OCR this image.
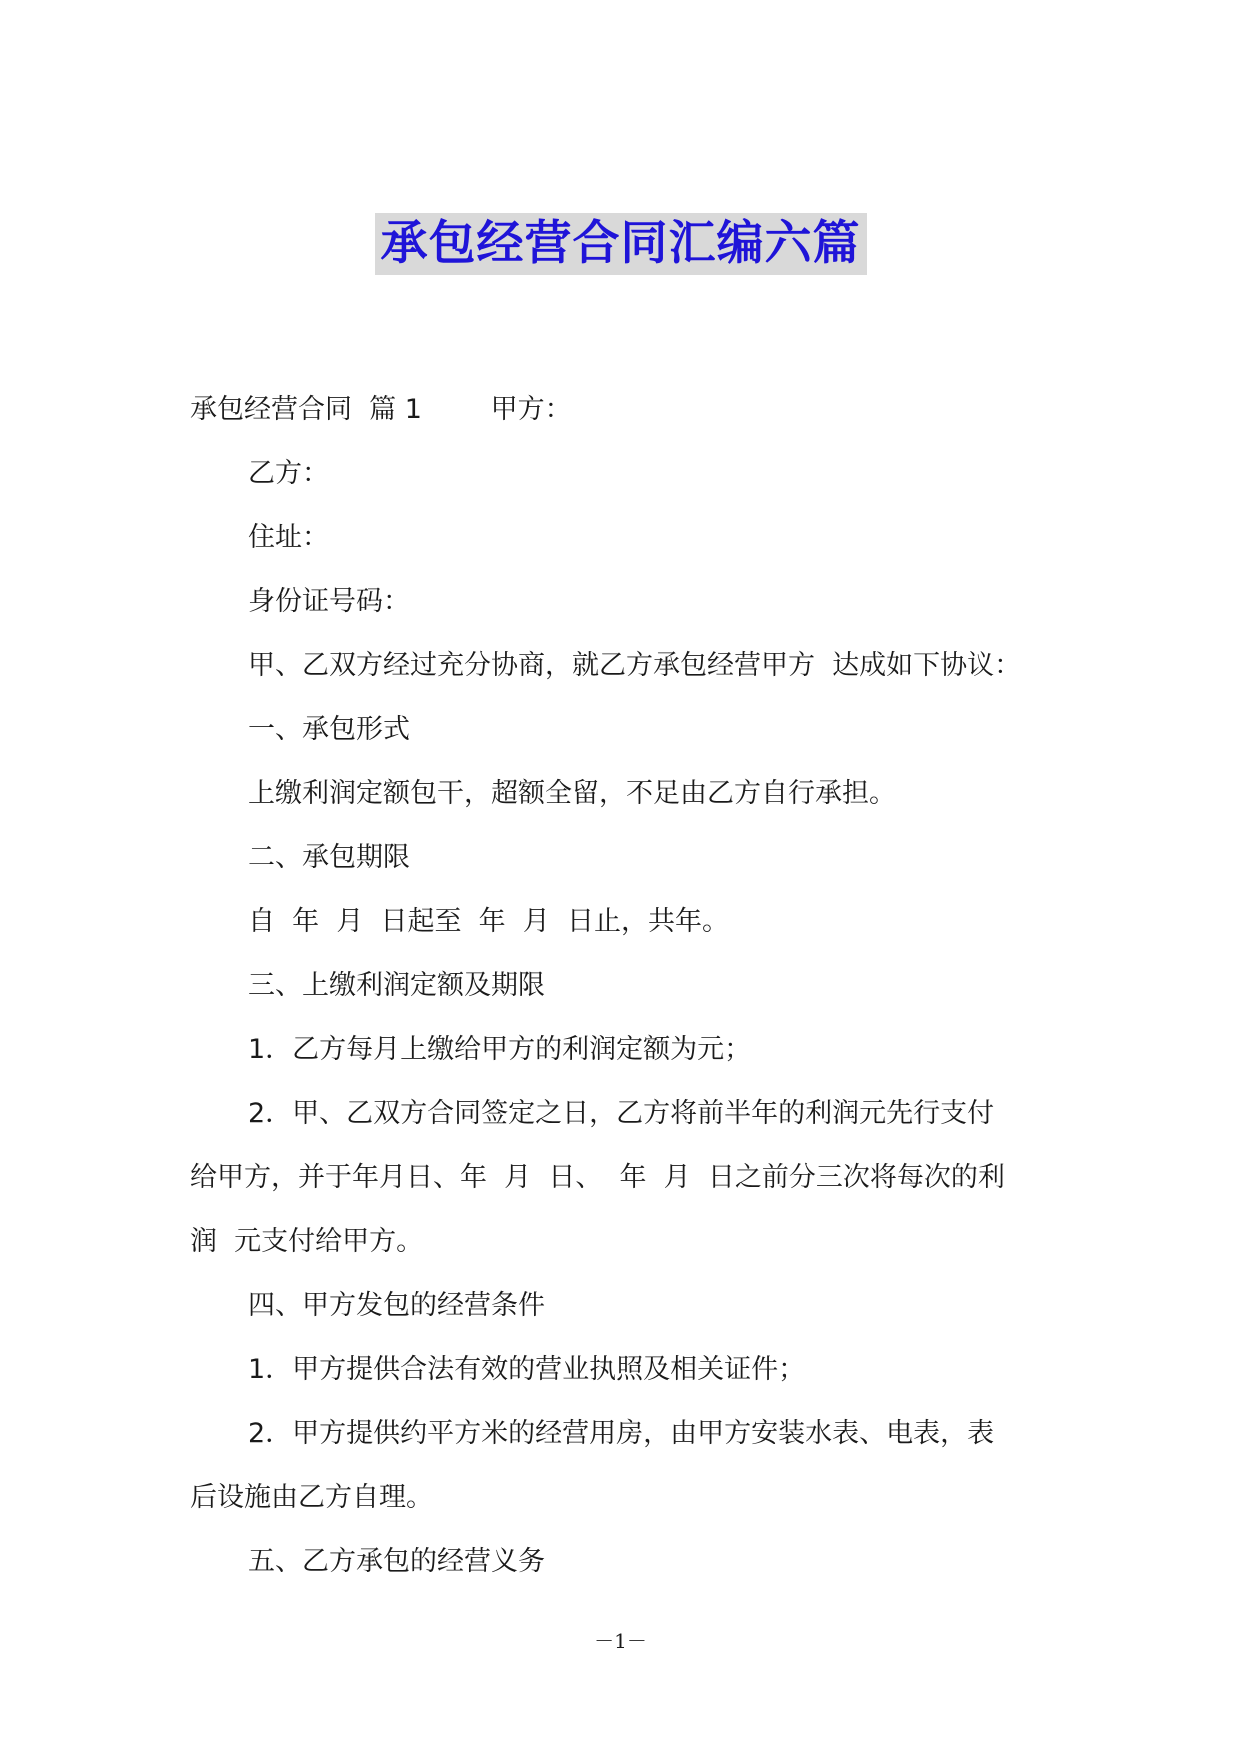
承包经营合同汇编六篇
承包经营合同  篇 1        甲方：
乙方：
住址：
身份证号码：
甲、乙双方经过充分协商，就乙方承包经营甲方  达成如下协议：
一、承包形式
上缴利润定额包干，超额全留，不足由乙方自行承担。
二、承包期限
自  年  月  日起至  年  月  日止，共年。
三、上缴利润定额及期限
1．乙方每月上缴给甲方的利润定额为元；
2．甲、乙双方合同签定之日，乙方将前半年的利润元先行支付
给甲方，并于年月日、年  月  日、  年  月  日之前分三次将每次的利
润  元支付给甲方。
四、甲方发包的经营条件
1．甲方提供合法有效的营业执照及相关证件；
2．甲方提供约平方米的经营用房，由甲方安装水表、电表，表
后设施由乙方自理。
五、乙方承包的经营义务
－1－
